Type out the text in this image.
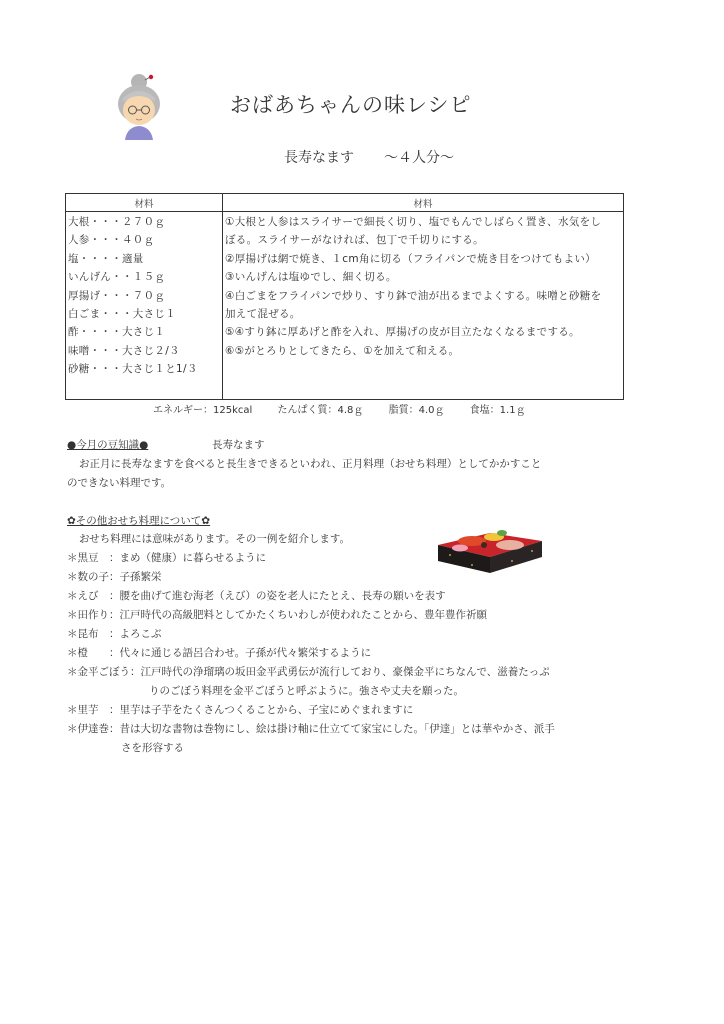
おばあちゃんの味レシピ
長寿なます ～４人分～
材料	材料

大根・・・２７０ｇ
人参・・・４０ｇ
塩・・・・適量
いんげん・・１５ｇ
厚揚げ・・・７０ｇ
白ごま・・・大さじ１
酢・・・・大さじ１
味噌・・・大さじ２/３
砂糖・・・大さじ１と1/３

①大根と人参はスライサーで細長く切り、塩でもんでしばらく置き、水気をし
ぼる。スライサーがなければ、包丁で千切りにする。
②厚揚げは網で焼き、１cm角に切る（フライパンで焼き目をつけてもよい）
③いんげんは塩ゆでし、細く切る。
④白ごまをフライパンで炒り、すり鉢で油が出るまでよくする。味噌と砂糖を
加えて混ぜる。
⑤④すり鉢に厚あげと酢を入れ、厚揚げの皮が目立たなくなるまでする。
⑥⑤がとろりとしてきたら、①を加えて和える。
エネルギー：125kcal	たんぱく質：4.8ｇ	脂質：4.0ｇ	食塩：1.1ｇ
●今月の豆知識●	長寿なます
お正月に長寿なますを食べると長生きできるといわれ、正月料理（おせち料理）としてかかすこと
のできない料理です。
✿その他おせち料理について✿
おせち料理には意味があります。その一例を紹介します。
＊黒豆　： まめ（健康）に暮らせるように
＊数の子： 子孫繁栄
＊えび　： 腰を曲げて進む海老（えび）の姿を老人にたとえ、長寿の願いを表す
＊田作り： 江戸時代の高級肥料としてかたくちいわしが使われたことから、豊年豊作祈願
＊昆布　： よろこぶ
＊橙　　： 代々に通じる語呂合わせ。子孫が代々繁栄するように
＊金平ごぼう： 江戸時代の浄瑠璃の坂田金平武勇伝が流行しており、豪傑金平にちなんで、滋養たっぷ
りのごぼう料理を金平ごぼうと呼ぶように。強さや丈夫を願った。
＊里芋　： 里芋は子芋をたくさんつくることから、子宝にめぐまれますに
＊伊達巻： 昔は大切な書物は巻物にし、絵は掛け軸に仕立てて家宝にした。「伊達」とは華やかさ、派手
さを形容する
